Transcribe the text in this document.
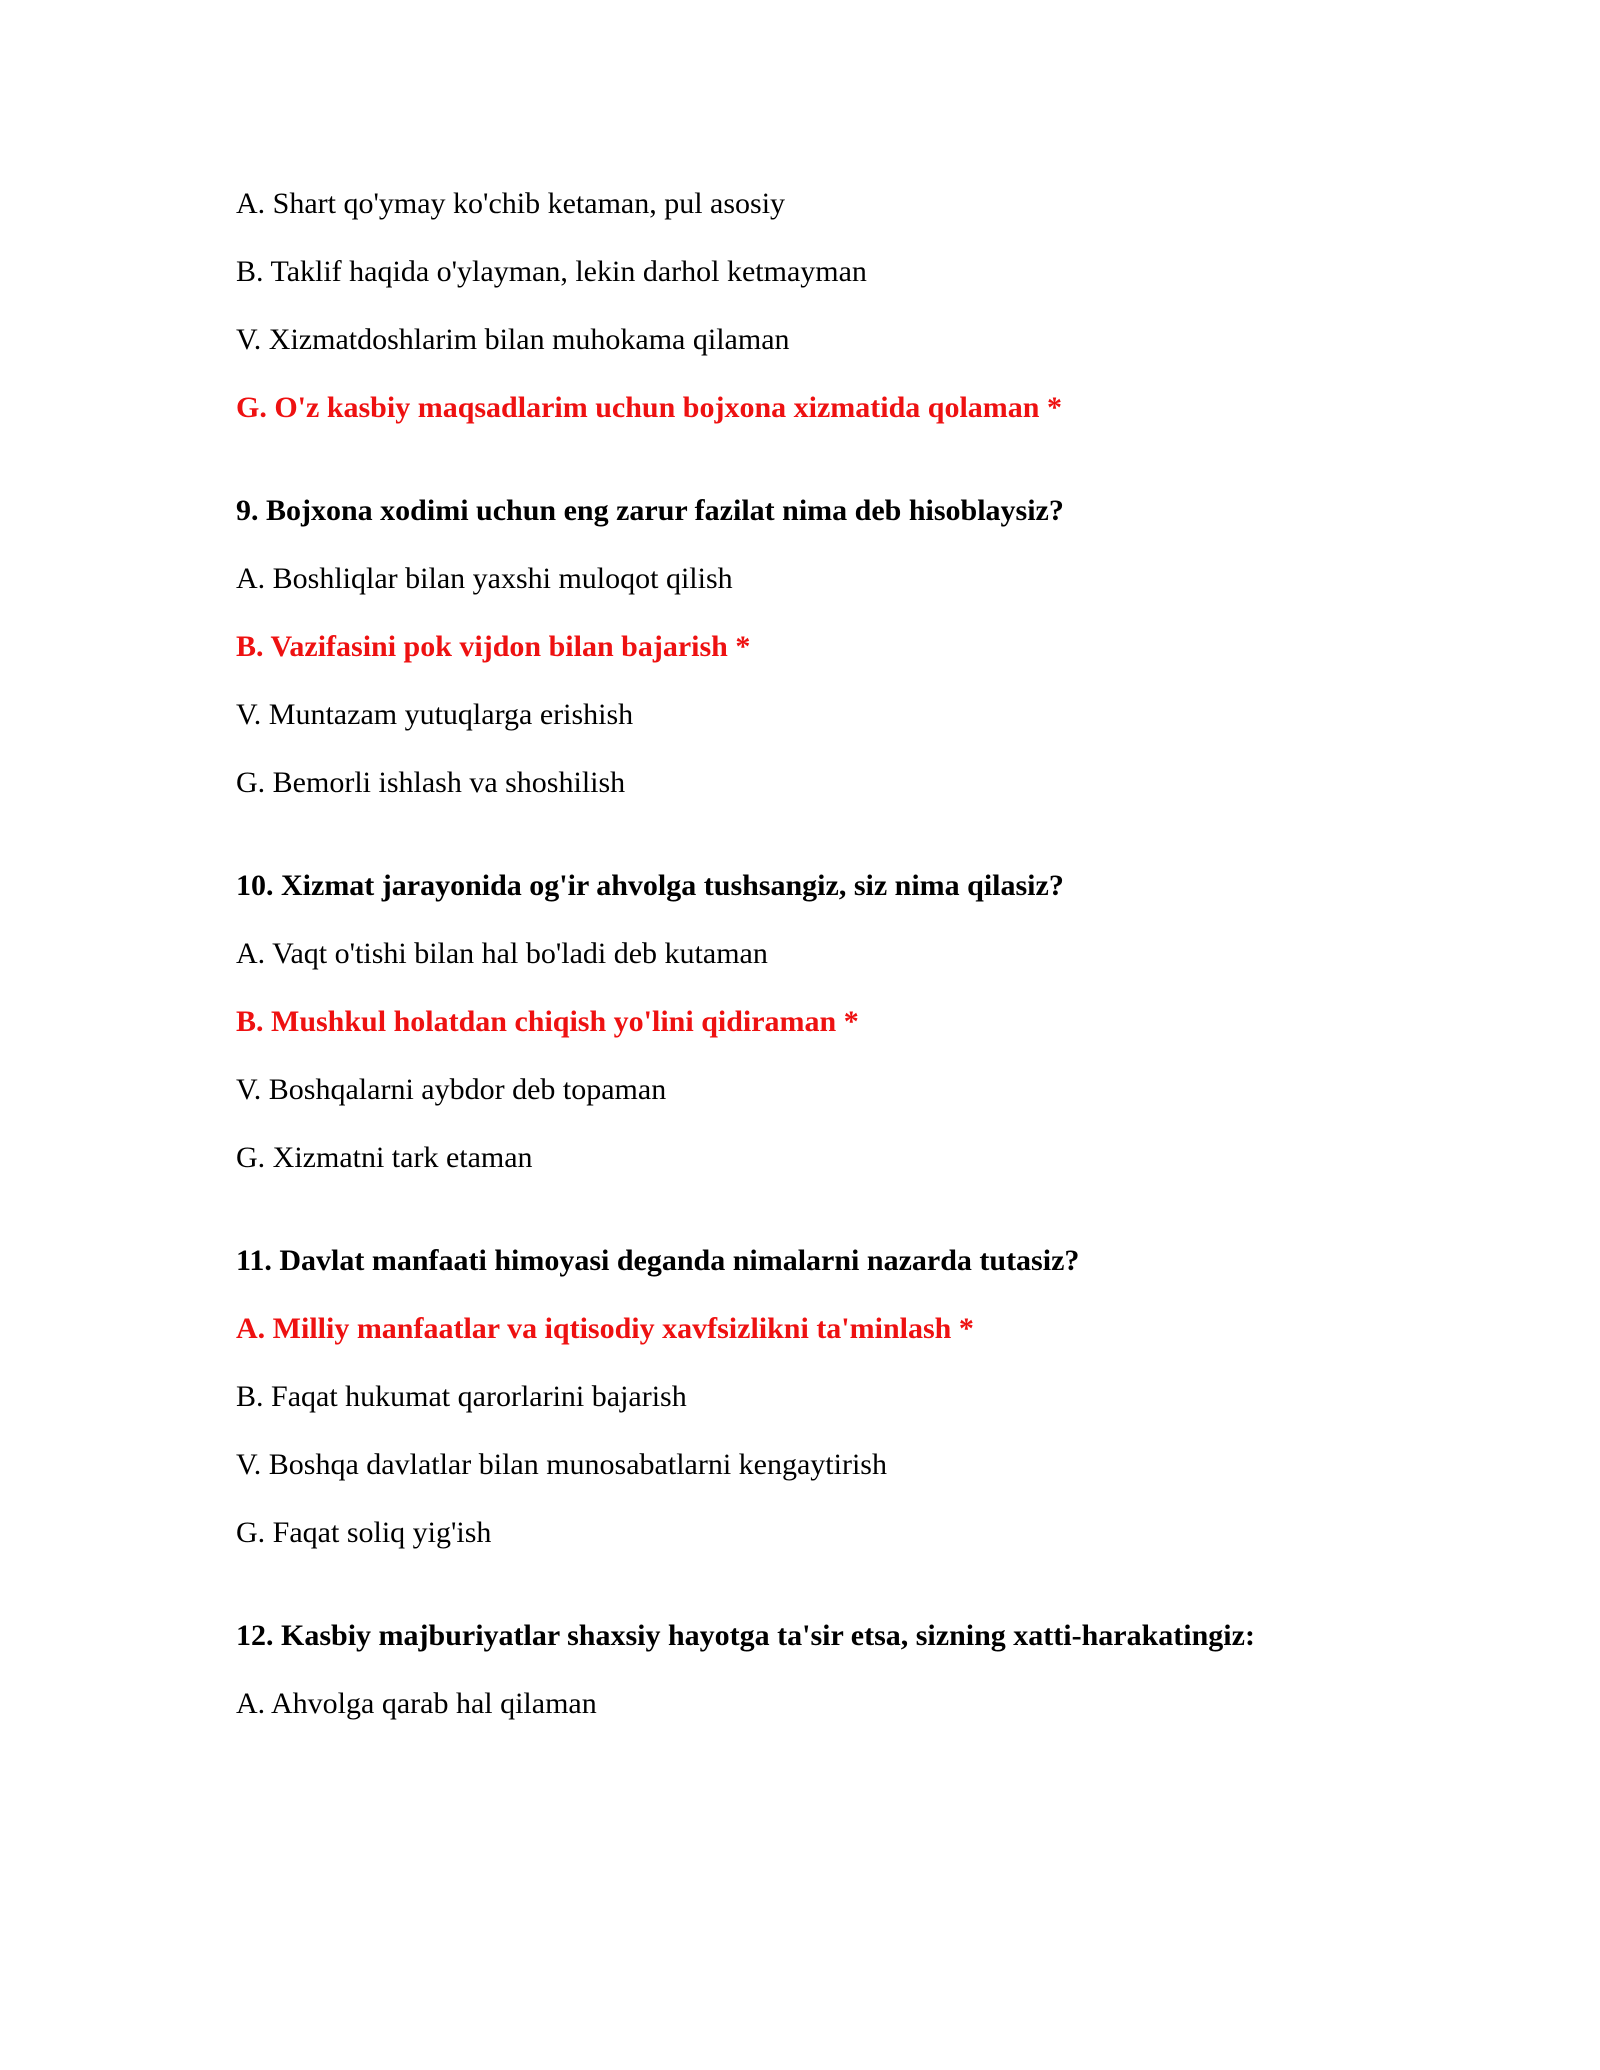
A. Shart qo'ymay ko'chib ketaman, pul asosiy
B. Taklif haqida o'ylayman, lekin darhol ketmayman
V. Xizmatdoshlarim bilan muhokama qilaman
G. O'z kasbiy maqsadlarim uchun bojxona xizmatida qolaman *
9. Bojxona xodimi uchun eng zarur fazilat nima deb hisoblaysiz?
A. Boshliqlar bilan yaxshi muloqot qilish
B. Vazifasini pok vijdon bilan bajarish *
V. Muntazam yutuqlarga erishish
G. Bemorli ishlash va shoshilish
10. Xizmat jarayonida og'ir ahvolga tushsangiz, siz nima qilasiz?
A. Vaqt o'tishi bilan hal bo'ladi deb kutaman
B. Mushkul holatdan chiqish yo'lini qidiraman *
V. Boshqalarni aybdor deb topaman
G. Xizmatni tark etaman
11. Davlat manfaati himoyasi deganda nimalarni nazarda tutasiz?
A. Milliy manfaatlar va iqtisodiy xavfsizlikni ta'minlash *
B. Faqat hukumat qarorlarini bajarish
V. Boshqa davlatlar bilan munosabatlarni kengaytirish
G. Faqat soliq yig'ish
12. Kasbiy majburiyatlar shaxsiy hayotga ta'sir etsa, sizning xatti-harakatingiz:
A. Ahvolga qarab hal qilaman
